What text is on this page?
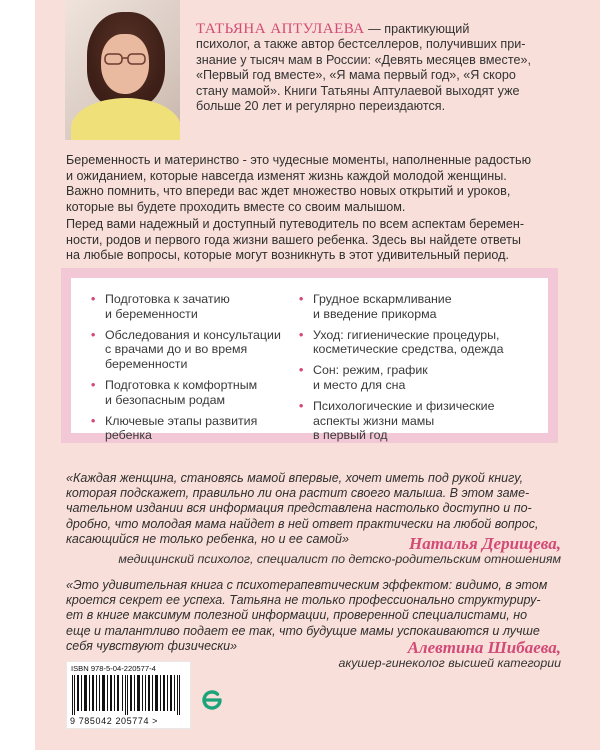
ТАТЬЯНА АПТУЛАЕВА — практикующий
психолог, а также автор бестселлеров, получивших при-
знание у тысяч мам в России: «Девять месяцев вместе»,
«Первый год вместе», «Я мама первый год», «Я скоро
стану мамой». Книги Татьяны Аптулаевой выходят уже
больше 20 лет и регулярно переиздаются.
Беременность и материнство - это чудесные моменты, наполненные радостью
и ожиданием, которые навсегда изменят жизнь каждой молодой женщины.
Важно помнить, что впереди вас ждет множество новых открытий и уроков,
которые вы будете проходить вместе со своим малышом.
Перед вами надежный и доступный путеводитель по всем аспектам беремен-
ности, родов и первого года жизни вашего ребенка. Здесь вы найдете ответы
на любые вопросы, которые могут возникнуть в этот удивительный период.
• Подготовка к зачатию
и беременности
• Обследования и консультации
с врачами до и во время
беременности
• Подготовка к комфортным
и безопасным родам
• Ключевые этапы развития
ребенка
• Грудное вскармливание
и введение прикорма
• Уход: гигиенические процедуры,
косметические средства, одежда
• Сон: режим, график
и место для сна
• Психологические и физические
аспекты жизни мамы
в первый год
«Каждая женщина, становясь мамой впервые, хочет иметь под рукой книгу,
которая подскажет, правильно ли она растит своего малыша. В этом заме-
чательном издании вся информация представлена настолько доступно и по-
дробно, что молодая мама найдет в ней ответ практически на любой вопрос,
касающийся не только ребенка, но и ее самой»	Наталья Дерищева,
медицинский психолог, специалист по детско-родительским отношениям
«Это удивительная книга с психотерапевтическим эффектом: видимо, в этом
кроется секрет ее успеха. Татьяна не только профессионально структуриру-
ет в книге максимум полезной информации, проверенной специалистами, но
еще и талантливо подает ее так, что будущие мамы успокаиваются и лучше
себя чувствуют физически»	Алевтина Шибаева,
акушер-гинеколог высшей категории
ISBN 978-5-04-220577-4
9 785042 205774 >
